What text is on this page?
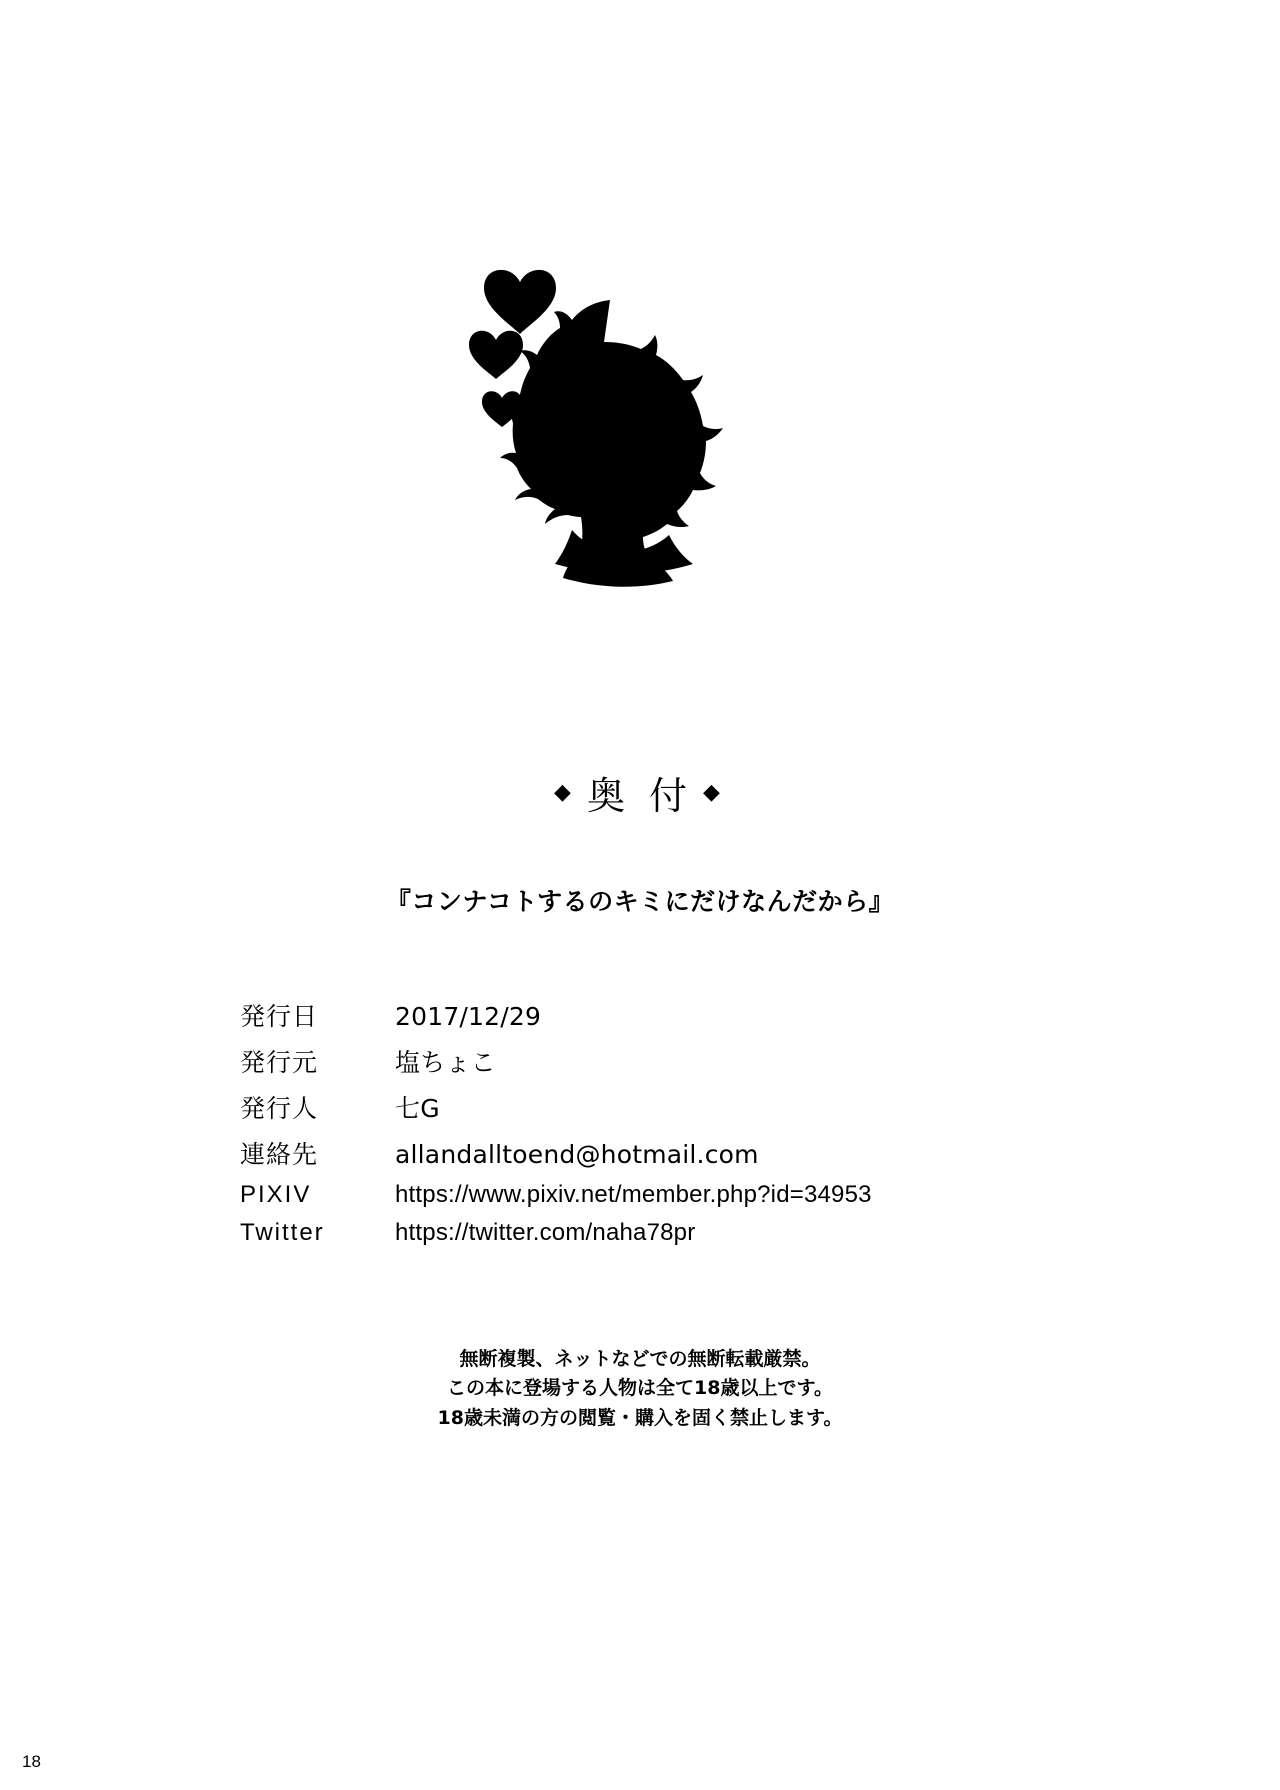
◆ 奥 付 ◆
『コンナコトするのキミにだけなんだから』
発行日	2017/12/29
発行元	塩ちょこ
発行人	七G
連絡先	allandalltoend@hotmail.com
PIXIV	https://www.pixiv.net/member.php?id=34953
Twitter	https://twitter.com/naha78pr
無断複製、ネットなどでの無断転載厳禁。
この本に登場する人物は全て18歳以上です。
18歳未満の方の閲覧・購入を固く禁止します。
18
